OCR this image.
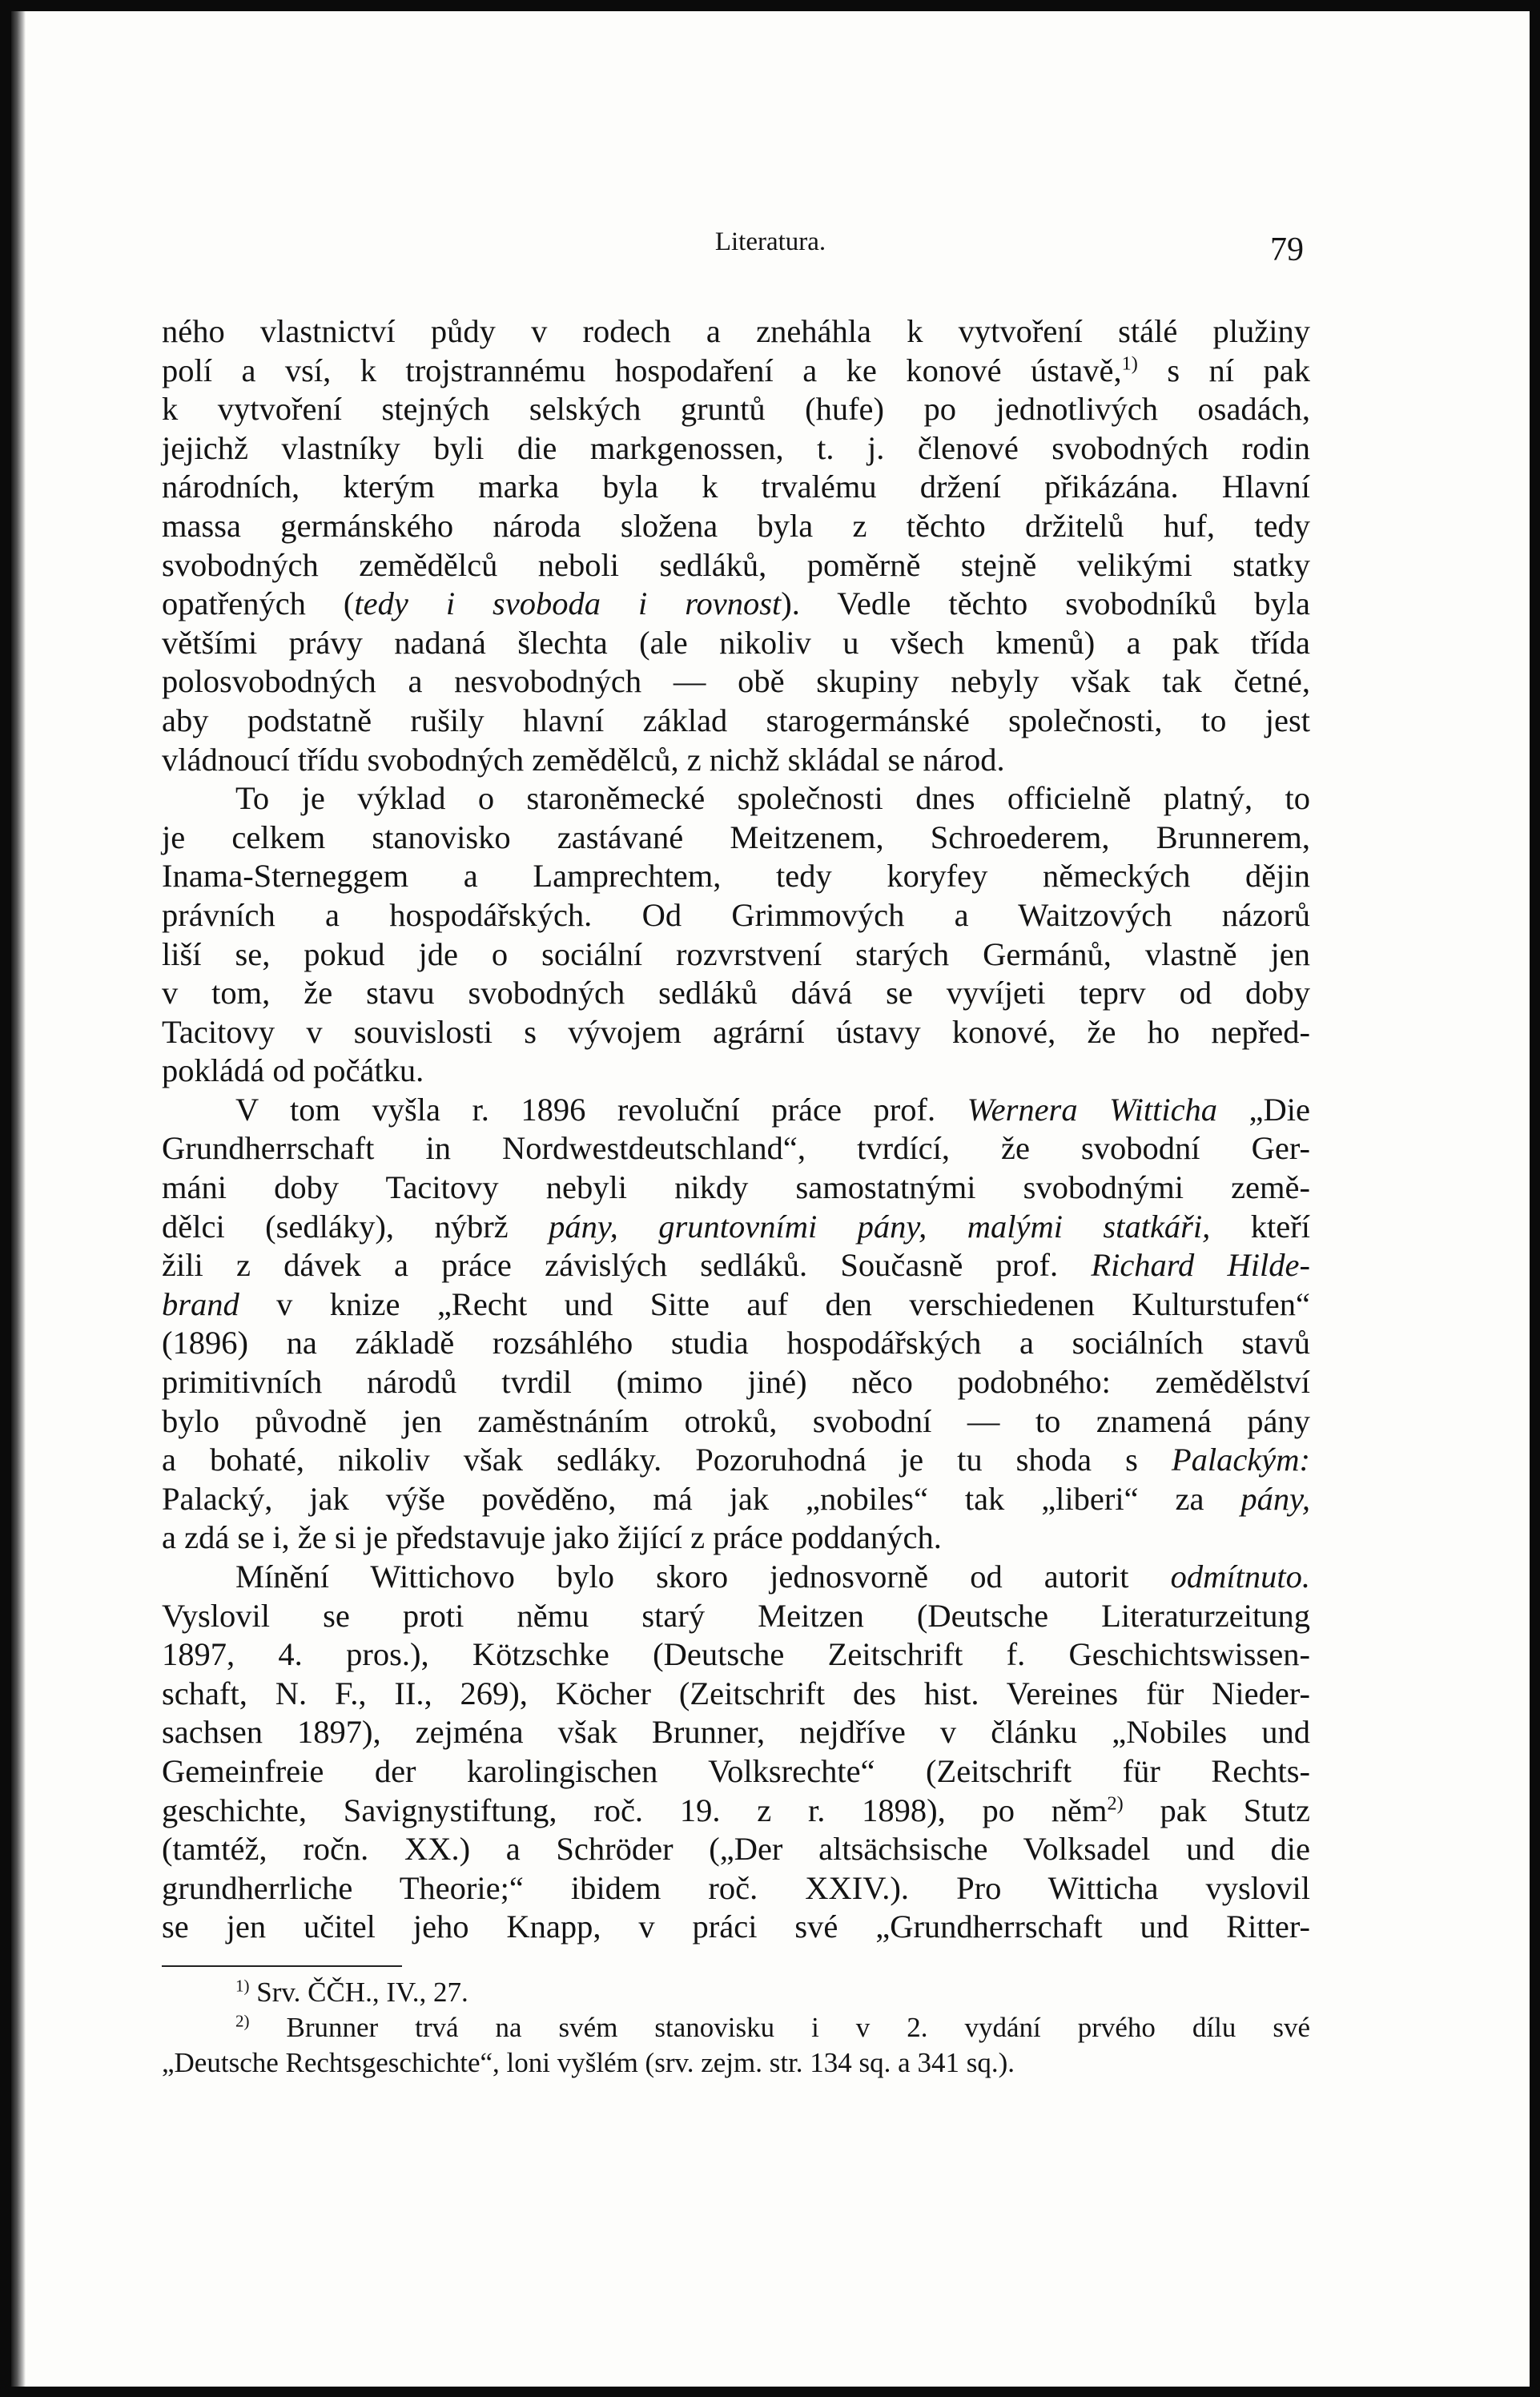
Literatura.	79
ného vlastnictví půdy v rodech a zneháhla k vytvoření stálé plužiny
polí a vsí, k trojstrannému hospodaření a ke konové ústavě,$^{1)}$ s ní pak
k vytvoření stejných selských gruntů (hufe) po jednotlivých osadách,
jejichž vlastníky byli die markgenossen, t. j. členové svobodných rodin
národních, kterým marka byla k trvalému držení přikázána. Hlavní
massa germánského národa složena byla z těchto držitelů huf, tedy
svobodných zemědělců neboli sedláků, poměrně stejně velikými statky
opatřených (tedy i svoboda i rovnost). Vedle těchto svobodníků byla
většími právy nadaná šlechta (ale nikoliv u všech kmenů) a pak třída
polosvobodných a nesvobodných — obě skupiny nebyly však tak četné,
aby podstatně rušily hlavní základ starogermánské společnosti, to jest
vládnoucí třídu svobodných zemědělců, z nichž skládal se národ.
To je výklad o staroněmecké společnosti dnes officielně platný, to
je celkem stanovisko zastávané Meitzenem, Schroederem, Brunnerem,
Inama-Sterneggem a Lamprechtem, tedy koryfey německých dějin
právních a hospodářských. Od Grimmových a Waitzových názorů
liší se, pokud jde o sociální rozvrstvení starých Germánů, vlastně jen
v tom, že stavu svobodných sedláků dává se vyvíjeti teprv od doby
Tacitovy v souvislosti s vývojem agrární ústavy konové, že ho nepřed-
pokládá od počátku.
V tom vyšla r. 1896 revoluční práce prof. Wernera Witticha „Die
Grundherrschaft in Nordwestdeutschland“, tvrdící, že svobodní Ger-
máni doby Tacitovy nebyli nikdy samostatnými svobodnými země-
dělci (sedláky), nýbrž pány, gruntovními pány, malými statkáři, kteří
žili z dávek a práce závislých sedláků. Současně prof. Richard Hilde-
brand v knize „Recht und Sitte auf den verschiedenen Kulturstufen“
(1896) na základě rozsáhlého studia hospodářských a sociálních stavů
primitivních národů tvrdil (mimo jiné) něco podobného: zemědělství
bylo původně jen zaměstnáním otroků, svobodní — to znamená pány
a bohaté, nikoliv však sedláky. Pozoruhodná je tu shoda s Palackým:
Palacký, jak výše pověděno, má jak „nobiles“ tak „liberi“ za pány,
a zdá se i, že si je představuje jako žijící z práce poddaných.
Mínění Wittichovo bylo skoro jednosvorně od autorit odmítnuto.
Vyslovil se proti němu starý Meitzen (Deutsche Literaturzeitung
1897, 4. pros.), Kötzschke (Deutsche Zeitschrift f. Geschichtswissen-
schaft, N. F., II., 269), Köcher (Zeitschrift des hist. Vereines für Nieder-
sachsen 1897), zejména však Brunner, nejdříve v článku „Nobiles und
Gemeinfreie der karolingischen Volksrechte“ (Zeitschrift für Rechts-
geschichte, Savignystiftung, roč. 19. z r. 1898), po něm$^{2)}$ pak Stutz
(tamtéž, ročn. XX.) a Schröder („Der altsächsische Volksadel und die
grundherrliche Theorie;“ ibidem roč. XXIV.). Pro Witticha vyslovil
se jen učitel jeho Knapp, v práci své „Grundherrschaft und Ritter-
$^{1)}$ Srv. ČČH., IV., 27.
$^{2)}$ Brunner trvá na svém stanovisku i v 2. vydání prvého dílu své
„Deutsche Rechtsgeschichte“, loni vyšlém (srv. zejm. str. 134 sq. a 341 sq.).
